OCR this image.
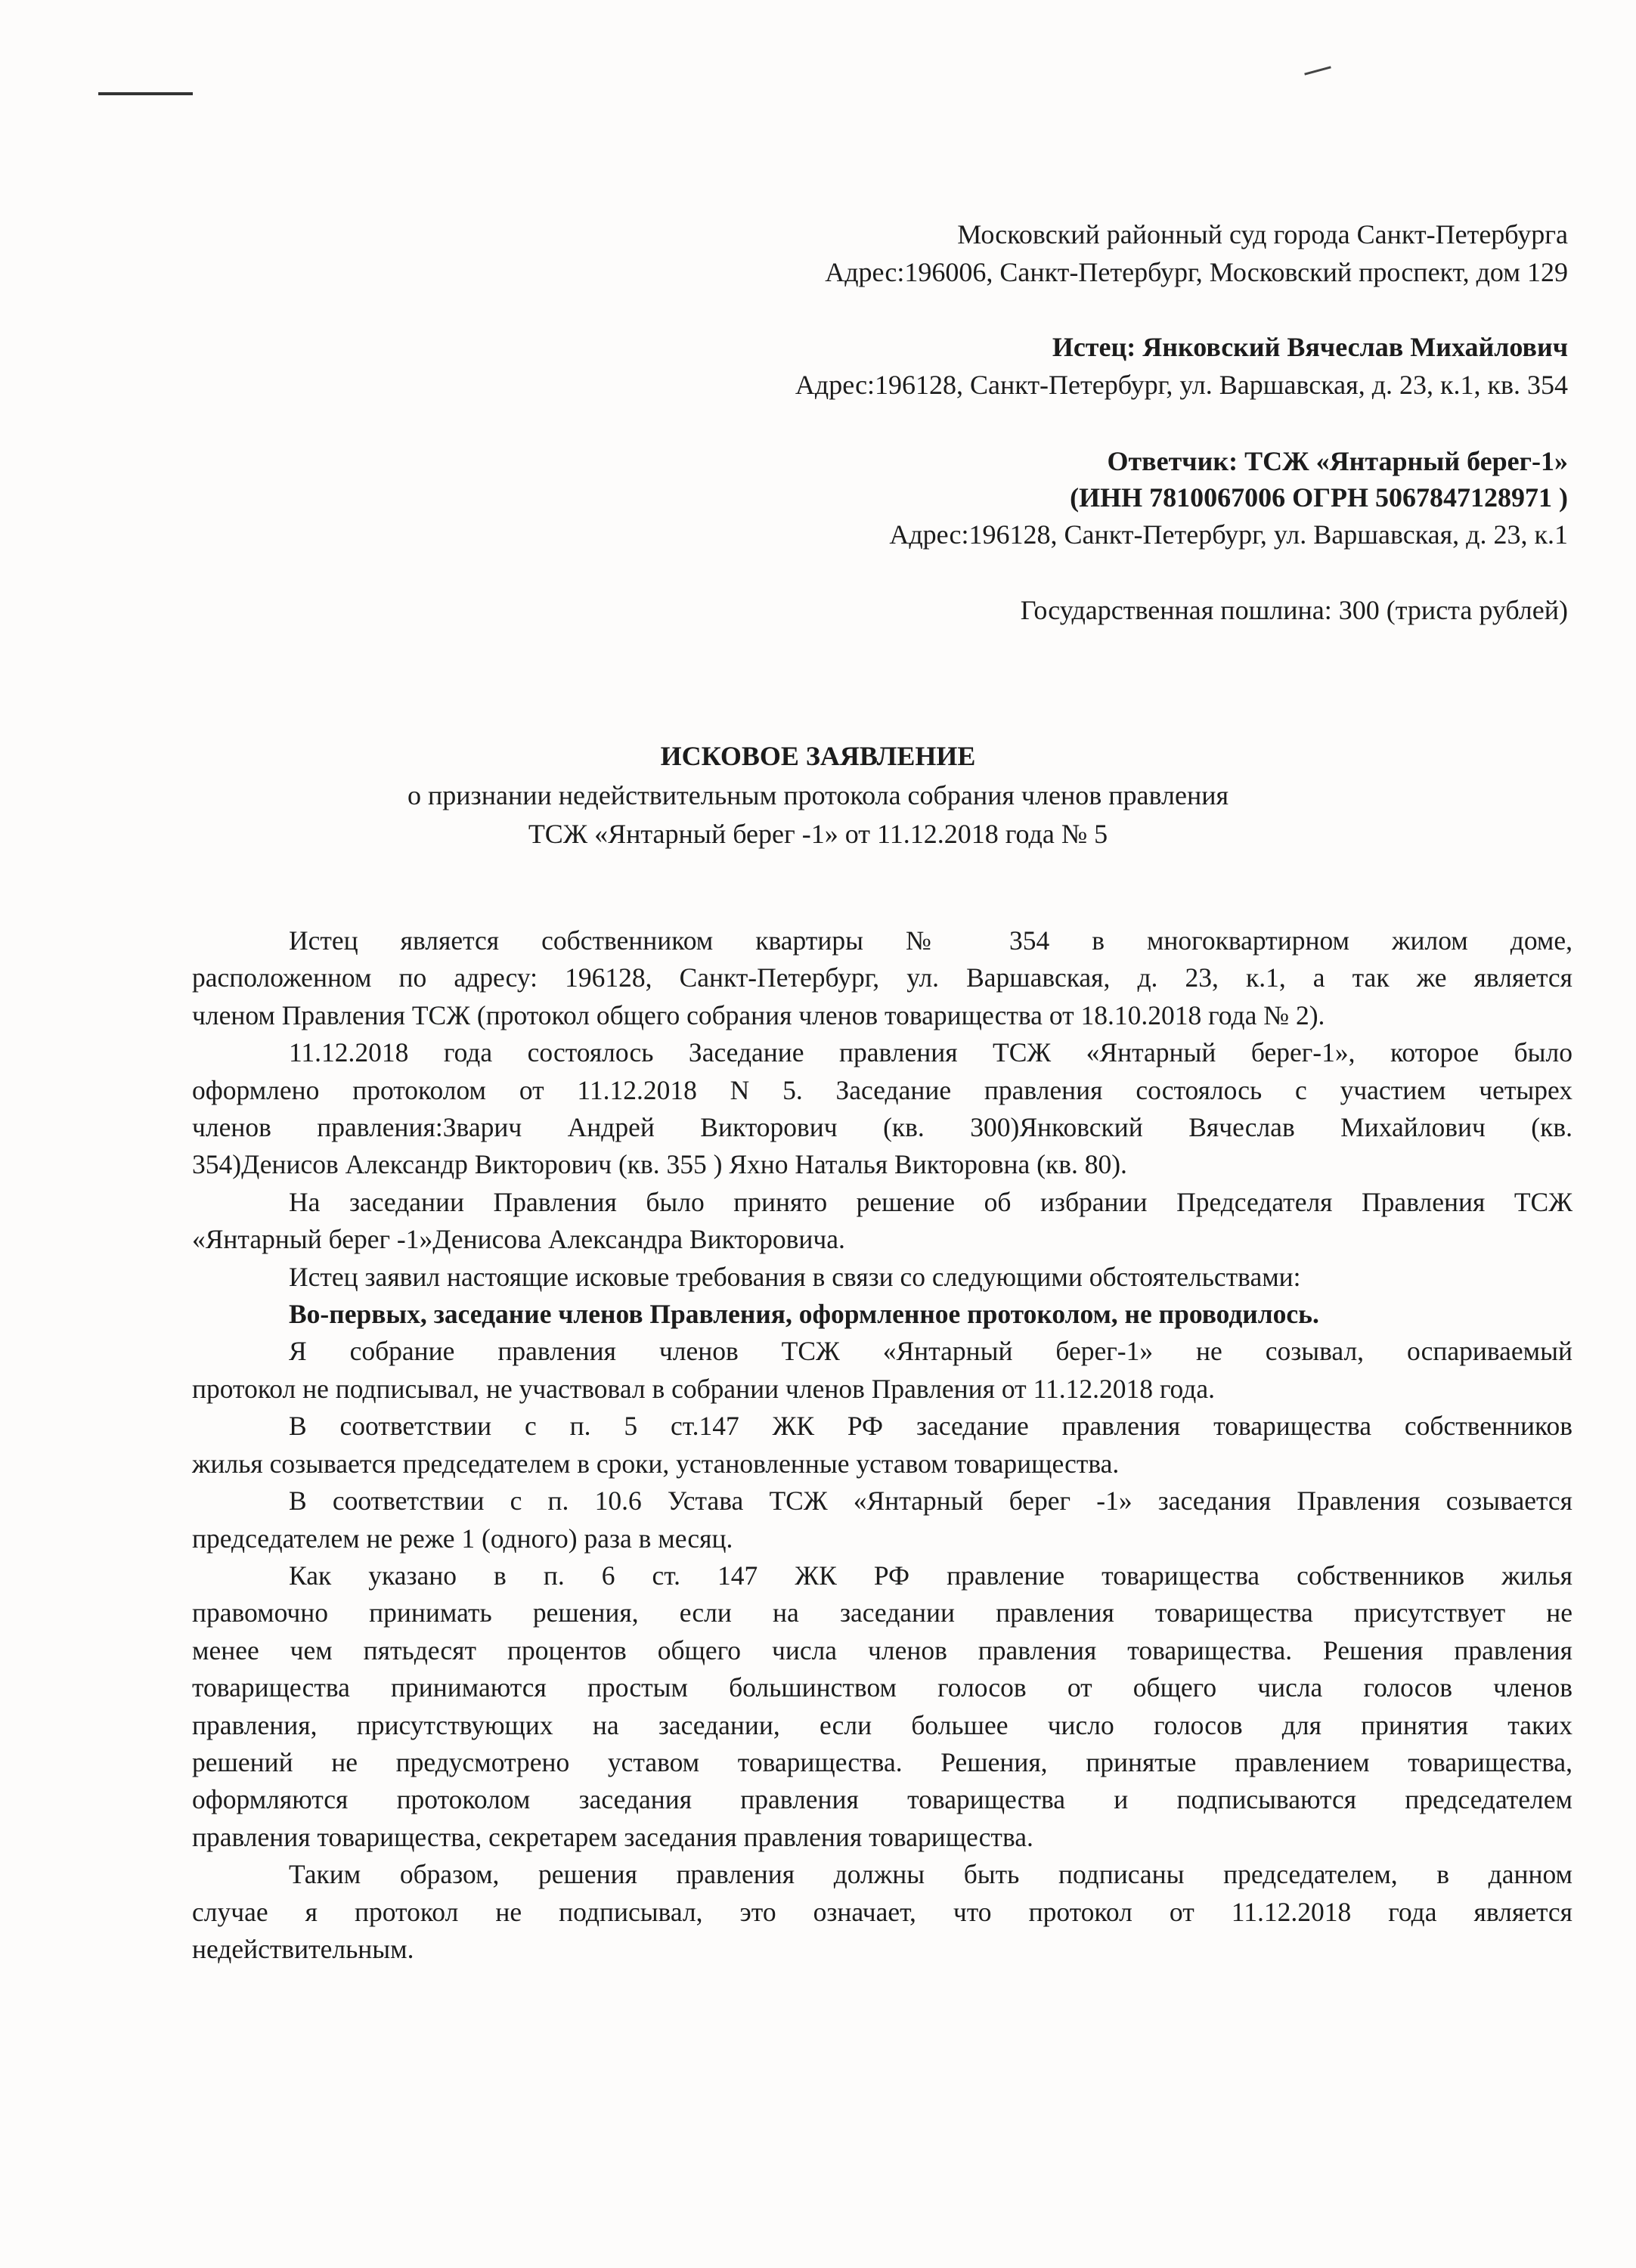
Московский районный суд города Санкт-Петербурга
Адрес:196006, Санкт-Петербург, Московский проспект, дом 129
Истец: Янковский Вячеслав Михайлович
Адрес:196128, Санкт-Петербург, ул. Варшавская, д. 23, к.1, кв. 354
Ответчик: ТСЖ «Янтарный берег-1»
(ИНН 7810067006 ОГРН 5067847128971 )
Адрес:196128, Санкт-Петербург, ул. Варшавская, д. 23, к.1
Государственная пошлина: 300 (триста рублей)
ИСКОВОЕ ЗАЯВЛЕНИЕ
о признании недействительным протокола собрания членов правления
ТСЖ «Янтарный берег -1» от 11.12.2018 года № 5
Истец является собственником квартиры № 354 в многоквартирном жилом доме,
расположенном по адресу: 196128, Санкт-Петербург, ул. Варшавская, д. 23, к.1, а так же является
членом Правления ТСЖ (протокол общего собрания членов товарищества от 18.10.2018 года № 2).
11.12.2018 года состоялось Заседание правления ТСЖ «Янтарный берег-1», которое было
оформлено протоколом от 11.12.2018 N 5. Заседание правления состоялось с участием четырех
членов правления:Зварич Андрей Викторович (кв. 300)Янковский Вячеслав Михайлович (кв.
354)Денисов Александр Викторович (кв. 355 ) Яхно Наталья Викторовна (кв. 80).
На заседании Правления было принято решение об избрании Председателя Правления ТСЖ
«Янтарный берег -1»Денисова Александра Викторовича.
Истец заявил настоящие исковые требования в связи со следующими обстоятельствами:
Во-первых, заседание членов Правления, оформленное протоколом, не проводилось.
Я собрание правления членов ТСЖ «Янтарный берег-1» не созывал, оспариваемый
протокол не подписывал, не участвовал в собрании членов Правления от 11.12.2018 года.
В соответствии с п. 5 ст.147 ЖК РФ заседание правления товарищества собственников
жилья созывается председателем в сроки, установленные уставом товарищества.
В соответствии с п. 10.6 Устава ТСЖ «Янтарный берег -1» заседания Правления созывается
председателем не реже 1 (одного) раза в месяц.
Как указано в п. 6 ст. 147 ЖК РФ правление товарищества собственников жилья
правомочно принимать решения, если на заседании правления товарищества присутствует не
менее чем пятьдесят процентов общего числа членов правления товарищества. Решения правления
товарищества принимаются простым большинством голосов от общего числа голосов членов
правления, присутствующих на заседании, если большее число голосов для принятия таких
решений не предусмотрено уставом товарищества. Решения, принятые правлением товарищества,
оформляются протоколом заседания правления товарищества и подписываются председателем
правления товарищества, секретарем заседания правления товарищества.
Таким образом, решения правления должны быть подписаны председателем, в данном
случае я протокол не подписывал, это означает, что протокол от 11.12.2018 года является
недействительным.
